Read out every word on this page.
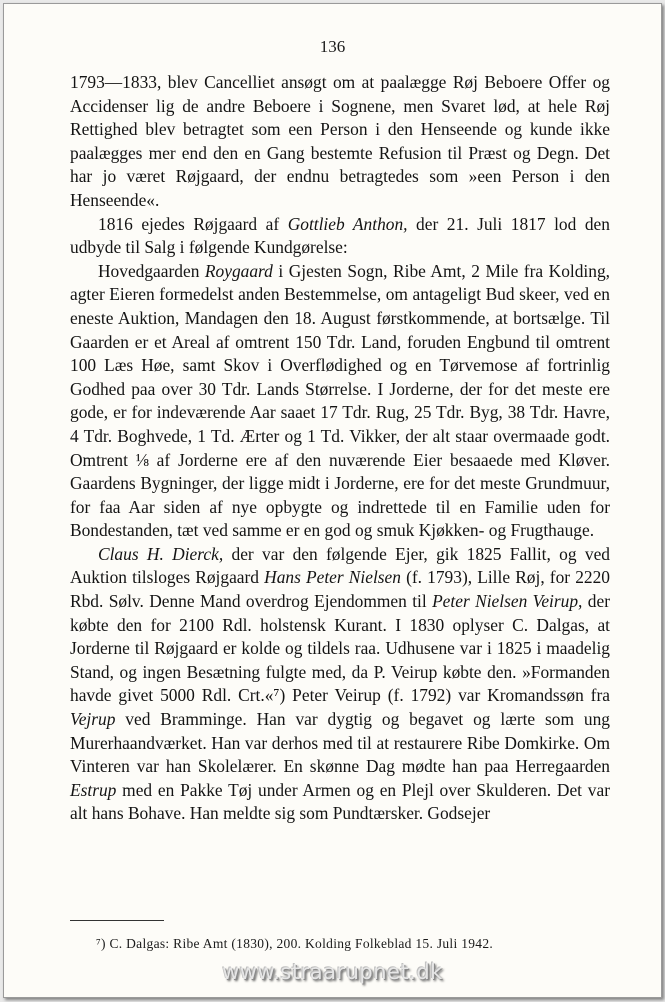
136

1793—1833, blev Cancelliet ansøgt om at paalægge Røj Beboere Offer og Accidenser lig de andre Beboere i Sognene, men Svaret lød, at hele Røj Rettighed blev betragtet som een Person i den Henseende og kunde ikke paalægges mer end den en Gang bestemte Refusion til Præst og Degn. Det har jo været Røjgaard, der endnu betragtedes som »een Person i den Henseende«.

1816 ejedes Røjgaard af Gottlieb Anthon, der 21. Juli 1817 lod den udbyde til Salg i følgende Kundgørelse:

Hovedgaarden Roygaard i Gjesten Sogn, Ribe Amt, 2 Mile fra Kolding, agter Eieren formedelst anden Bestemmelse, om antageligt Bud skeer, ved en eneste Auktion, Mandagen den 18. August førstkommende, at bortsælge. Til Gaarden er et Areal af omtrent 150 Tdr. Land, foruden Engbund til omtrent 100 Læs Høe, samt Skov i Overflødighed og en Tørvemose af fortrinlig Godhed paa over 30 Tdr. Lands Størrelse. I Jorderne, der for det meste ere gode, er for indeværende Aar saaet 17 Tdr. Rug, 25 Tdr. Byg, 38 Tdr. Havre, 4 Tdr. Boghvede, 1 Td. Ærter og 1 Td. Vikker, der alt staar overmaade godt. Omtrent ⅛ af Jorderne ere af den nuværende Eier besaaede med Kløver. Gaardens Bygninger, der ligge midt i Jorderne, ere for det meste Grundmuur, for faa Aar siden af nye opbygte og indrettede til en Familie uden for Bondestanden, tæt ved samme er en god og smuk Kjøkken- og Frugthauge.

Claus H. Dierck, der var den følgende Ejer, gik 1825 Fallit, og ved Auktion tilsloges Røjgaard Hans Peter Nielsen (f. 1793), Lille Røj, for 2220 Rbd. Sølv. Denne Mand overdrog Ejendommen til Peter Nielsen Veirup, der købte den for 2100 Rdl. holstensk Kurant. I 1830 oplyser C. Dalgas, at Jorderne til Røjgaard er kolde og tildels raa. Udhusene var i 1825 i maadelig Stand, og ingen Besætning fulgte med, da P. Veirup købte den. »Formanden havde givet 5000 Rdl. Crt.«⁷) Peter Veirup (f. 1792) var Kromandssøn fra Vejrup ved Bramminge. Han var dygtig og begavet og lærte som ung Murerhaandværket. Han var derhos med til at restaurere Ribe Domkirke. Om Vinteren var han Skolelærer. En skønne Dag mødte han paa Herregaarden Estrup med en Pakke Tøj under Armen og en Plejl over Skulderen. Det var alt hans Bohave. Han meldte sig som Pundtærsker. Godsejer

⁷) C. Dalgas: Ribe Amt (1830), 200. Kolding Folkeblad 15. Juli 1942.
www.straarupnet.dk
